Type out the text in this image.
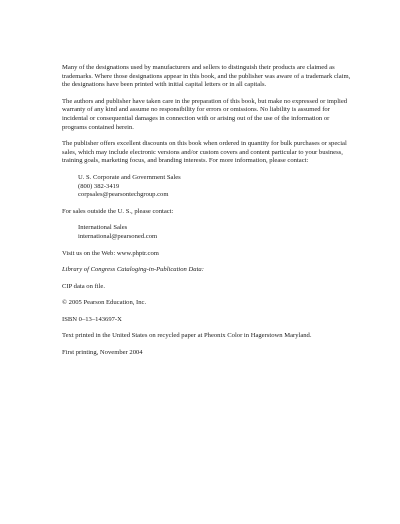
Many of the designations used by manufacturers and sellers to distinguish their products are claimed as trademarks. Where those designations appear in this book, and the publisher was aware of a trademark claim, the designations have been printed with initial capital letters or in all capitals.

The authors and publisher have taken care in the preparation of this book, but make no expressed or implied warranty of any kind and assume no responsibility for errors or omissions. No liability is assumed for incidental or consequential damages in connection with or arising out of the use of the information or programs contained herein.

The publisher offers excellent discounts on this book when ordered in quantity for bulk purchases or special sales, which may include electronic versions and/or custom covers and content particular to your business, training goals, marketing focus, and branding interests. For more information, please contact:

U. S. Corporate and Government Sales
(800) 382-3419
corpsales@pearsontechgroup.com

For sales outside the U. S., please contact:

International Sales
international@pearsoned.com

Visit us on the Web: www.phptr.com

Library of Congress Cataloging-in-Publication Data:

CIP data on file.

© 2005 Pearson Education, Inc.

ISBN 0–13–143697-X

Text printed in the United States on recycled paper at Pheonix Color in Hagerstown Maryland.

First printing, November 2004
